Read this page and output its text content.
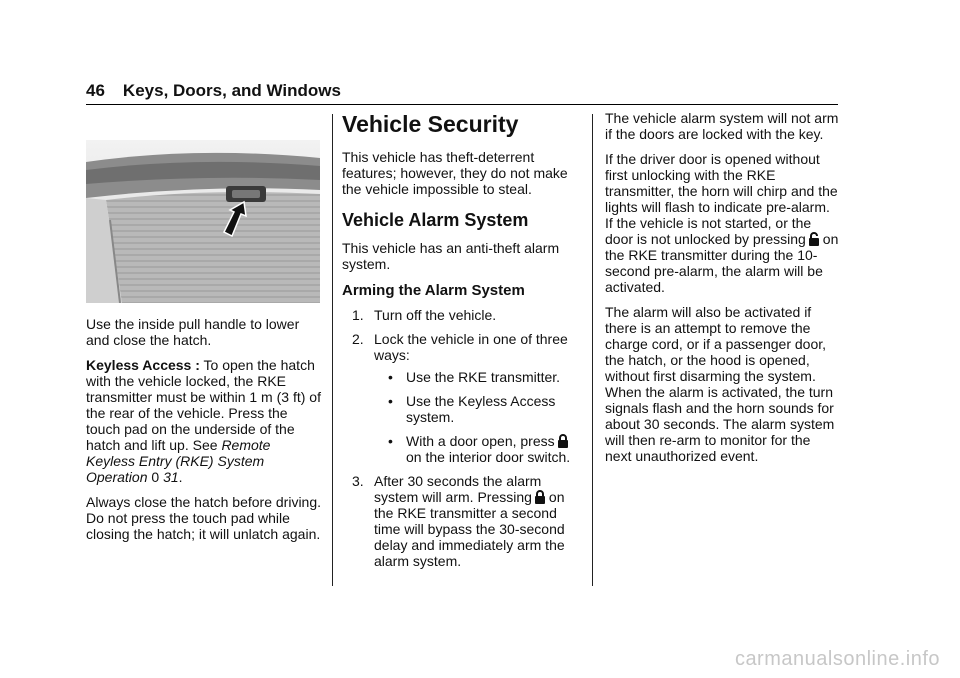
46 Keys, Doors, and Windows

Use the inside pull handle to lower and close the hatch.

Keyless Access : To open the hatch with the vehicle locked, the RKE transmitter must be within 1 m (3 ft) of the rear of the vehicle. Press the touch pad on the underside of the hatch and lift up. See Remote Keyless Entry (RKE) System Operation 0 31.

Always close the hatch before driving. Do not press the touch pad while closing the hatch; it will unlatch again.

Vehicle Security

This vehicle has theft-deterrent features; however, they do not make the vehicle impossible to steal.

Vehicle Alarm System

This vehicle has an anti-theft alarm system.

Arming the Alarm System
1. Turn off the vehicle.
2. Lock the vehicle in one of three ways:
• Use the RKE transmitter.
• Use the Keyless Access system.
• With a door open, presson the interior door switch.
3. After 30 seconds the alarm system will arm. Pressing on the RKE transmitter a second time will bypass the 30-second delay and immediately arm the alarm system.

The vehicle alarm system will not arm if the doors are locked with the key.

If the driver door is opened without first unlocking with the RKE transmitter, the horn will chirp and the lights will flash to indicate pre-alarm. If the vehicle is not started, or the door is not unlocked by pressing on the RKE transmitter during the 10-second pre-alarm, the alarm will be activated.

The alarm will also be activated if there is an attempt to remove the charge cord, or if a passenger door, the hatch, or the hood is opened, without first disarming the system. When the alarm is activated, the turn signals flash and the horn sounds for about 30 seconds. The alarm system will then re-arm to monitor for the next unauthorized event.

carmanualsonline.info
